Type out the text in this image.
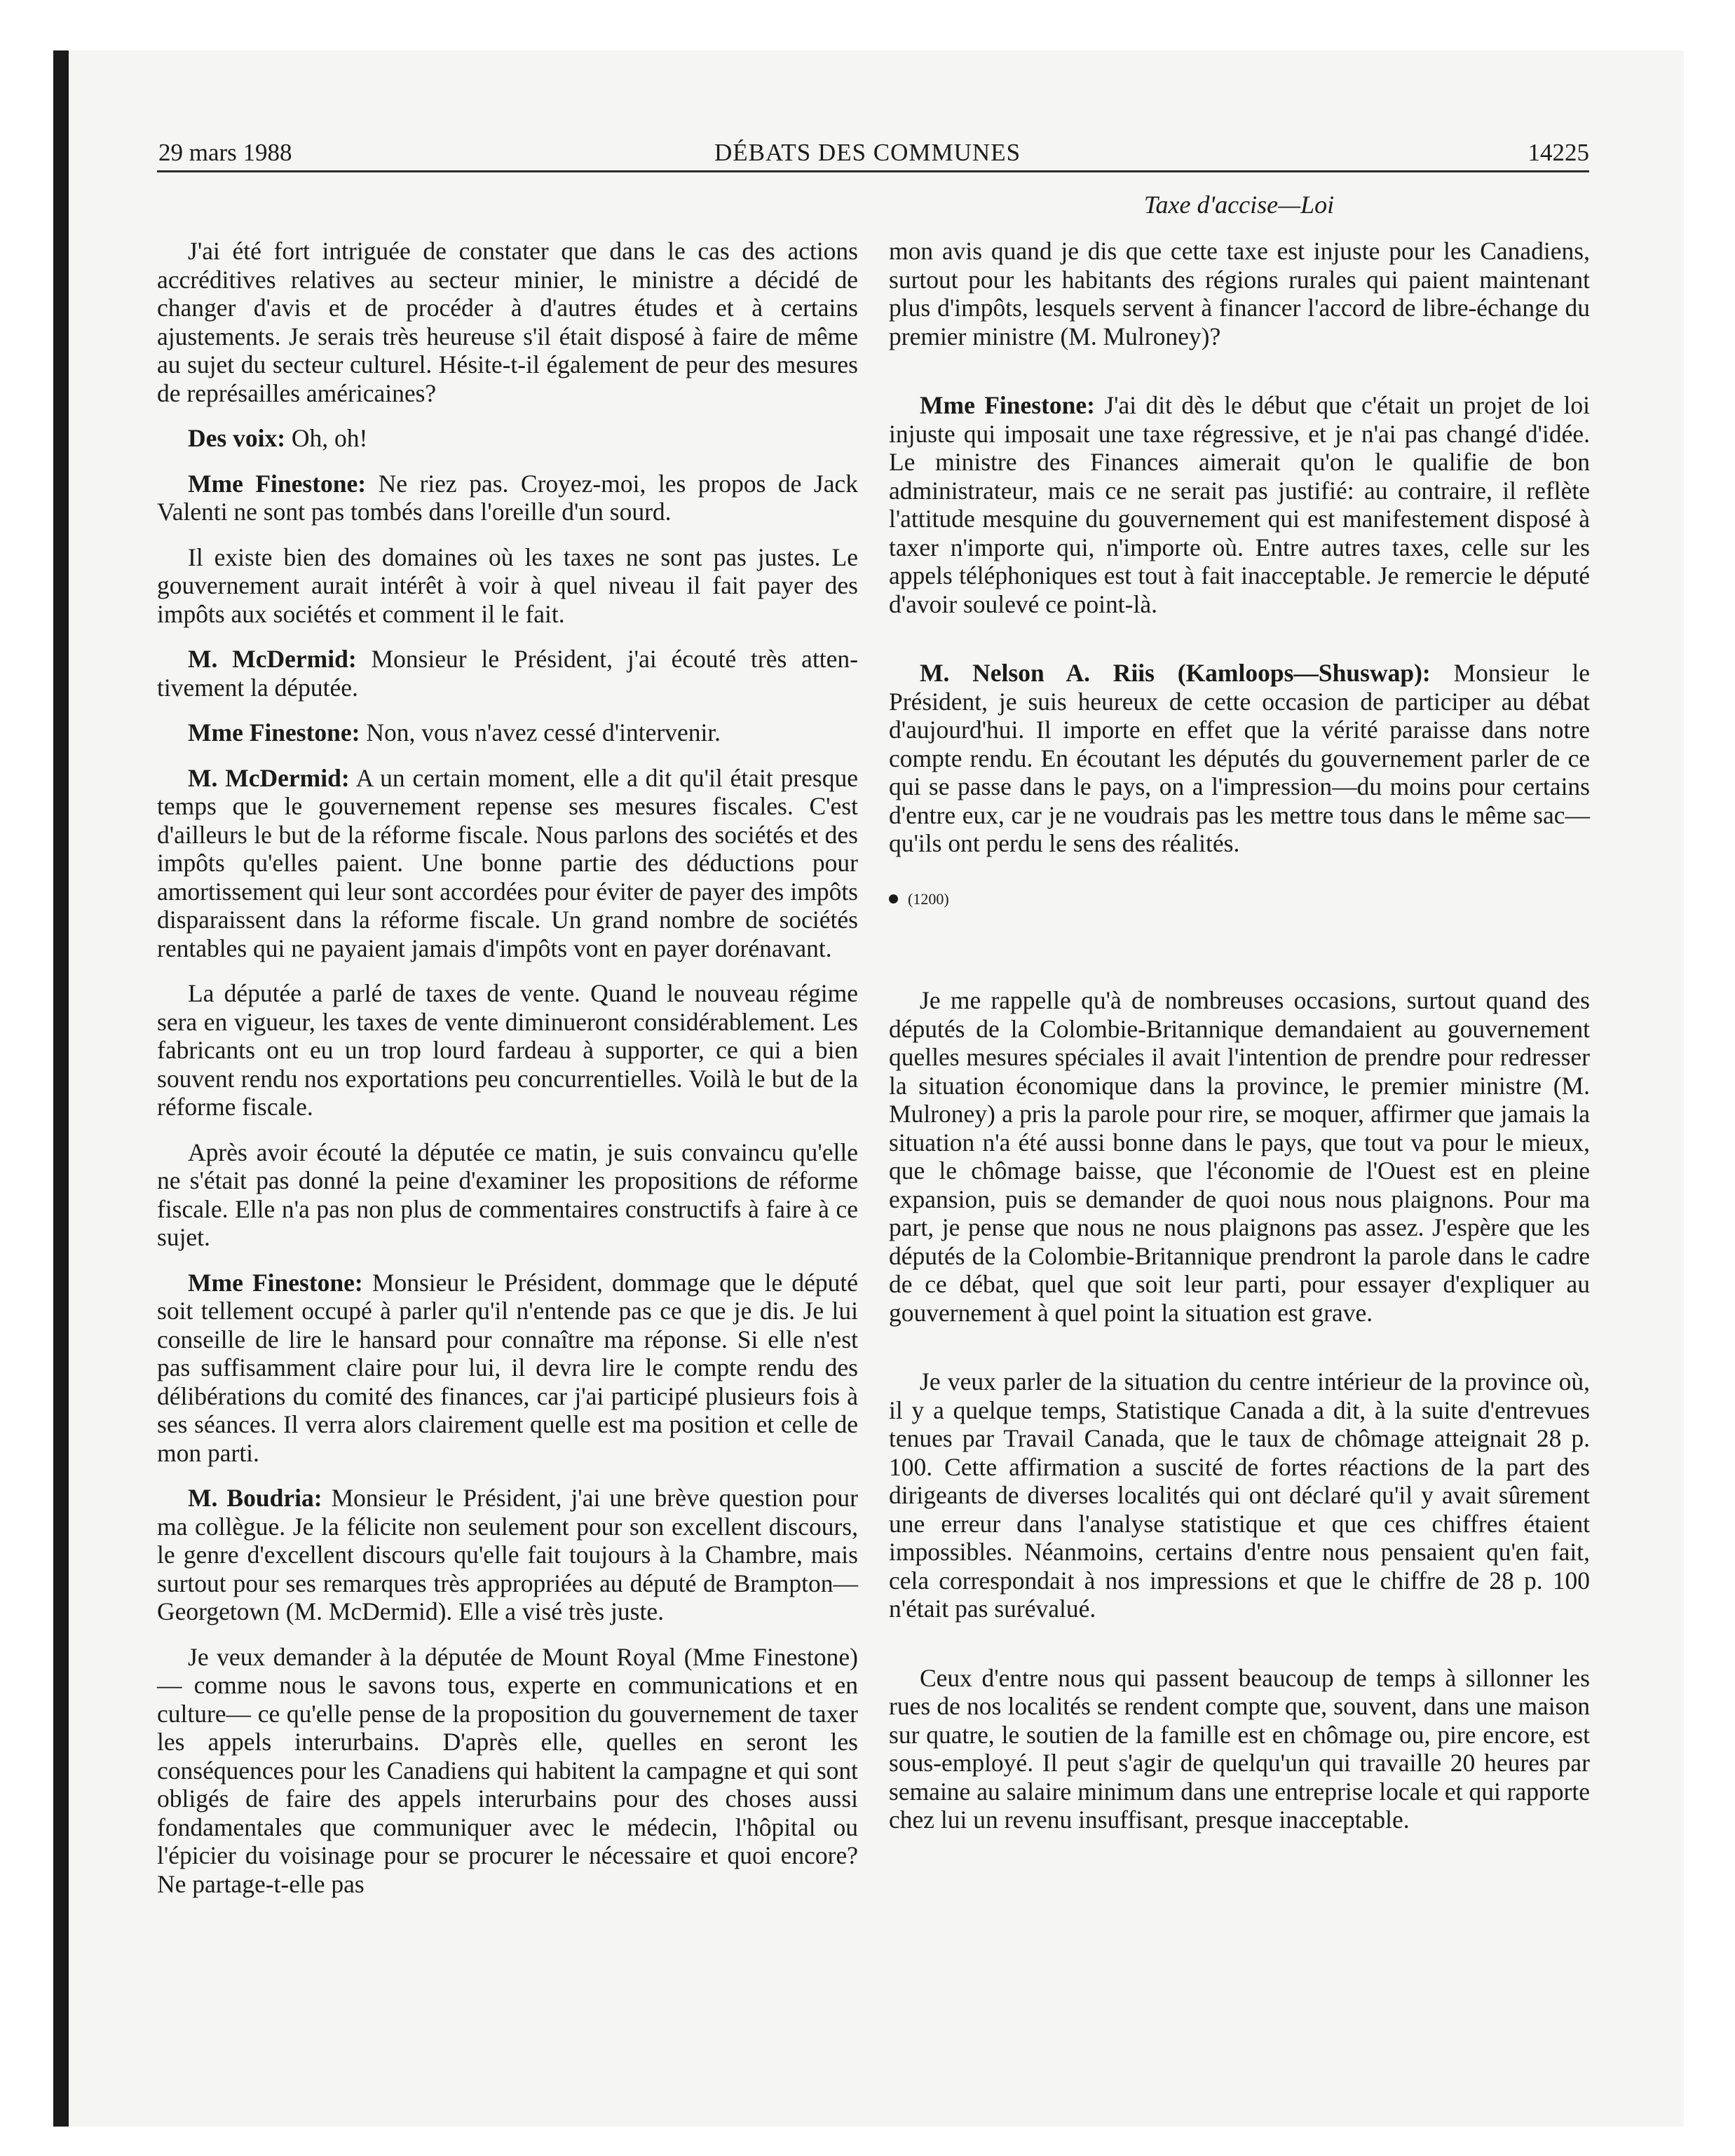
29 mars 1988	DÉBATS DES COMMUNES	14225
Taxe d'accise—Loi

J'ai été fort intriguée de constater que dans le cas des actions accréditives relatives au secteur minier, le ministre a décidé de changer d'avis et de procéder à d'autres études et à certains ajustements. Je serais très heureuse s'il était disposé à faire de même au sujet du secteur culturel. Hésite-t-il également de peur des mesures de représailles américaines?

Des voix: Oh, oh!

Mme Finestone: Ne riez pas. Croyez-moi, les propos de Jack Valenti ne sont pas tombés dans l'oreille d'un sourd.

Il existe bien des domaines où les taxes ne sont pas justes. Le gouvernement aurait intérêt à voir à quel niveau il fait payer des impôts aux sociétés et comment il le fait.

M. McDermid: Monsieur le Président, j'ai écouté très attentivement la députée.

Mme Finestone: Non, vous n'avez cessé d'intervenir.

M. McDermid: A un certain moment, elle a dit qu'il était presque temps que le gouvernement repense ses mesures fiscales. C'est d'ailleurs le but de la réforme fiscale. Nous parlons des sociétés et des impôts qu'elles paient. Une bonne partie des déductions pour amortissement qui leur sont accordées pour éviter de payer des impôts disparaissent dans la réforme fiscale. Un grand nombre de sociétés rentables qui ne payaient jamais d'impôts vont en payer dorénavant.

La députée a parlé de taxes de vente. Quand le nouveau régime sera en vigueur, les taxes de vente diminueront considérablement. Les fabricants ont eu un trop lourd fardeau à supporter, ce qui a bien souvent rendu nos exportations peu concurrentielles. Voilà le but de la réforme fiscale.

Après avoir écouté la députée ce matin, je suis convaincu qu'elle ne s'était pas donné la peine d'examiner les propositions de réforme fiscale. Elle n'a pas non plus de commentaires constructifs à faire à ce sujet.

Mme Finestone: Monsieur le Président, dommage que le député soit tellement occupé à parler qu'il n'entende pas ce que je dis. Je lui conseille de lire le hansard pour connaître ma réponse. Si elle n'est pas suffisamment claire pour lui, il devra lire le compte rendu des délibérations du comité des finances, car j'ai participé plusieurs fois à ses séances. Il verra alors clairement quelle est ma position et celle de mon parti.

M. Boudria: Monsieur le Président, j'ai une brève question pour ma collègue. Je la félicite non seulement pour son excellent discours, le genre d'excellent discours qu'elle fait toujours à la Chambre, mais surtout pour ses remarques très appropriées au député de Brampton—Georgetown (M. McDermid). Elle a visé très juste.

Je veux demander à la députée de Mount Royal (Mme Finestone)— comme nous le savons tous, experte en communications et en culture— ce qu'elle pense de la proposition du gouvernement de taxer les appels interurbains. D'après elle, quelles en seront les conséquences pour les Canadiens qui habitent la campagne et qui sont obligés de faire des appels interurbains pour des choses aussi fondamentales que communiquer avec le médecin, l'hôpital ou l'épicier du voisinage pour se procurer le nécessaire et quoi encore? Ne partage-t-elle pas

mon avis quand je dis que cette taxe est injuste pour les Canadiens, surtout pour les habitants des régions rurales qui paient maintenant plus d'impôts, lesquels servent à financer l'accord de libre-échange du premier ministre (M. Mulroney)?

Mme Finestone: J'ai dit dès le début que c'était un projet de loi injuste qui imposait une taxe régressive, et je n'ai pas changé d'idée. Le ministre des Finances aimerait qu'on le qualifie de bon administrateur, mais ce ne serait pas justifié: au contraire, il reflète l'attitude mesquine du gouvernement qui est manifestement disposé à taxer n'importe qui, n'importe où. Entre autres taxes, celle sur les appels téléphoniques est tout à fait inacceptable. Je remercie le député d'avoir soulevé ce point-là.

M. Nelson A. Riis (Kamloops—Shuswap): Monsieur le Président, je suis heureux de cette occasion de participer au débat d'aujourd'hui. Il importe en effet que la vérité paraisse dans notre compte rendu. En écoutant les députés du gouvernement parler de ce qui se passe dans le pays, on a l'impression—du moins pour certains d'entre eux, car je ne voudrais pas les mettre tous dans le même sac—qu'ils ont perdu le sens des réalités.

(1200)

Je me rappelle qu'à de nombreuses occasions, surtout quand des députés de la Colombie-Britannique demandaient au gouvernement quelles mesures spéciales il avait l'intention de prendre pour redresser la situation économique dans la province, le premier ministre (M. Mulroney) a pris la parole pour rire, se moquer, affirmer que jamais la situation n'a été aussi bonne dans le pays, que tout va pour le mieux, que le chômage baisse, que l'économie de l'Ouest est en pleine expansion, puis se demander de quoi nous nous plaignons. Pour ma part, je pense que nous ne nous plaignons pas assez. J'espère que les députés de la Colombie-Britannique prendront la parole dans le cadre de ce débat, quel que soit leur parti, pour essayer d'expliquer au gouvernement à quel point la situation est grave.

Je veux parler de la situation du centre intérieur de la province où, il y a quelque temps, Statistique Canada a dit, à la suite d'entrevues tenues par Travail Canada, que le taux de chômage atteignait 28 p. 100. Cette affirmation a suscité de fortes réactions de la part des dirigeants de diverses localités qui ont déclaré qu'il y avait sûrement une erreur dans l'analyse statistique et que ces chiffres étaient impossibles. Néanmoins, certains d'entre nous pensaient qu'en fait, cela correspondait à nos impressions et que le chiffre de 28 p. 100 n'était pas surévalué.

Ceux d'entre nous qui passent beaucoup de temps à sillonner les rues de nos localités se rendent compte que, souvent, dans une maison sur quatre, le soutien de la famille est en chômage ou, pire encore, est sous-employé. Il peut s'agir de quelqu'un qui travaille 20 heures par semaine au salaire minimum dans une entreprise locale et qui rapporte chez lui un revenu insuffisant, presque inacceptable.
